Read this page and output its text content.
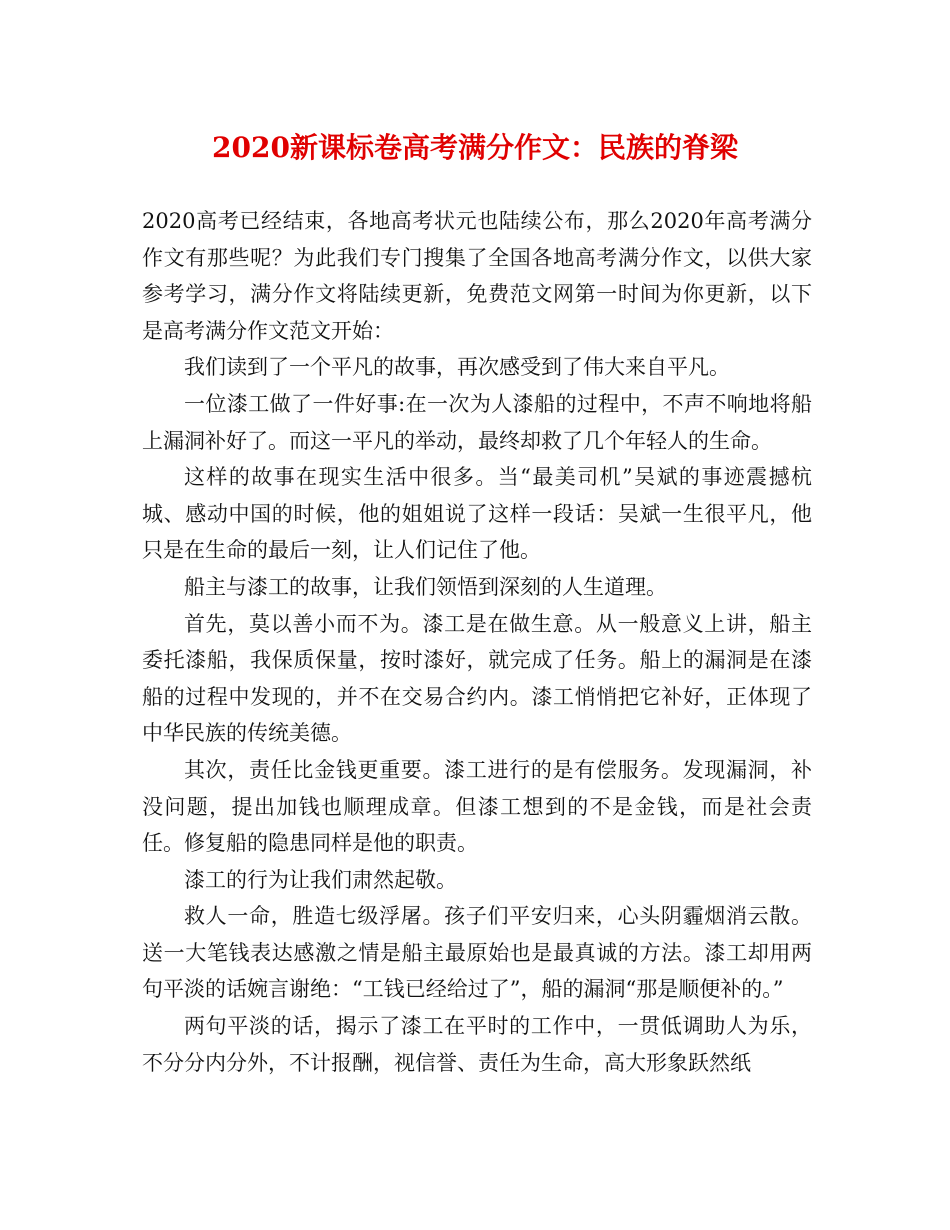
2020新课标卷高考满分作文：民族的脊梁

2020高考已经结束，各地高考状元也陆续公布，那么2020年高考满分作文有那些呢？为此我们专门搜集了全国各地高考满分作文，以供大家参考学习，满分作文将陆续更新，免费范文网第一时间为你更新，以下是高考满分作文范文开始：

我们读到了一个平凡的故事，再次感受到了伟大来自平凡。

一位漆工做了一件好事:在一次为人漆船的过程中，不声不响地将船上漏洞补好了。而这一平凡的举动，最终却救了几个年轻人的生命。

这样的故事在现实生活中很多。当“最美司机”吴斌的事迹震撼杭城、感动中国的时候，他的姐姐说了这样一段话：吴斌一生很平凡，他只是在生命的最后一刻，让人们记住了他。

船主与漆工的故事，让我们领悟到深刻的人生道理。

首先，莫以善小而不为。漆工是在做生意。从一般意义上讲，船主委托漆船，我保质保量，按时漆好，就完成了任务。船上的漏洞是在漆船的过程中发现的，并不在交易合约内。漆工悄悄把它补好，正体现了中华民族的传统美德。

其次，责任比金钱更重要。漆工进行的是有偿服务。发现漏洞，补没问题，提出加钱也顺理成章。但漆工想到的不是金钱，而是社会责任。修复船的隐患同样是他的职责。

漆工的行为让我们肃然起敬。

救人一命，胜造七级浮屠。孩子们平安归来，心头阴霾烟消云散。送一大笔钱表达感激之情是船主最原始也是最真诚的方法。漆工却用两句平淡的话婉言谢绝：“工钱已经给过了”，船的漏洞“那是顺便补的。”

两句平淡的话，揭示了漆工在平时的工作中，一贯低调助人为乐，不分分内分外，不计报酬，视信誉、责任为生命，高大形象跃然纸
